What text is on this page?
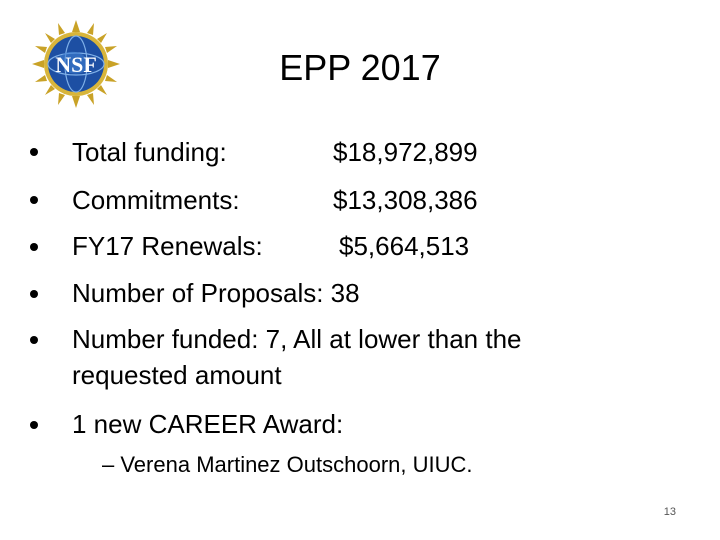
NSF	EPP 2017
Total funding:	$18,972,899
Commitments:	$13,308,386
FY17 Renewals:	$5,664,513
Number of Proposals: 38
Number funded: 7, All at lower than the
requested amount
1 new CAREER Award:
– Verena Martinez Outschoorn, UIUC.
13
